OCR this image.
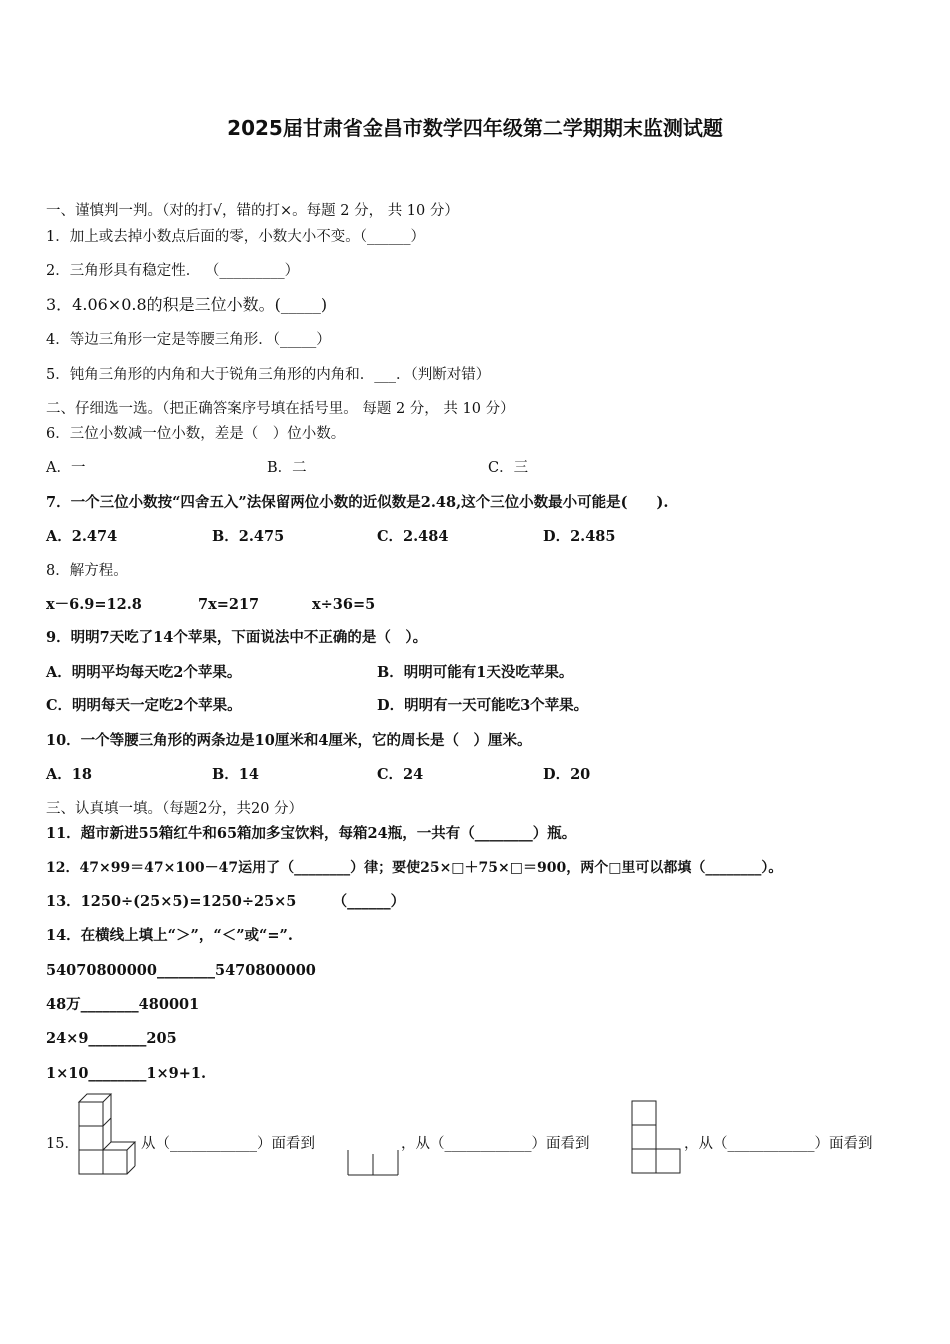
2025届甘肃省金昌市数学四年级第二学期期末监测试题
一、谨慎判一判。（对的打√，错的打×。每题 2 分， 共 10 分）
1．加上或去掉小数点后面的零，小数大小不变。（______）
2．三角形具有稳定性． （_________）
3．4.06×0.8的积是三位小数。(_____)
4．等边三角形一定是等腰三角形．（_____）
5．钝角三角形的内角和大于锐角三角形的内角和．___．（判断对错）
二、仔细选一选。（把正确答案序号填在括号里。 每题 2 分， 共 10 分）
6．三位小数减一位小数，差是（　）位小数。
A．一	B．二	C．三
7．一个三位小数按“四舍五入”法保留两位小数的近似数是2.48,这个三位小数最小可能是(　　).
A．2.474	B．2.475	C．2.484	D．2.485
8．解方程。
x－6.9=12.8	7x=217	x÷36=5
9．明明7天吃了14个苹果，下面说法中不正确的是（　）。
A．明明平均每天吃2个苹果。	B．明明可能有1天没吃苹果。
C．明明每天一定吃2个苹果。	D．明明有一天可能吃3个苹果。
10．一个等腰三角形的两条边是10厘米和4厘米，它的周长是（　）厘米。
A．18	B．14	C．24	D．20
三、认真填一填。（每题2分，共20 分）
11．超市新进55箱红牛和65箱加多宝饮料，每箱24瓶，一共有（________）瓶。
12．47×99＝47×100－47运用了（________）律；要使25×□＋75×□＝900，两个□里可以都填（________）。
13．1250÷(25×5)=1250÷25×5　　　（______）
14．在横线上填上“＞”，“＜”或“=”.
54070800000________5470800000
48万________480001
24×9________205
1×10________1×9+1.
15．	从（____________）面看到	，从（____________）面看到	，从（____________）面看到
